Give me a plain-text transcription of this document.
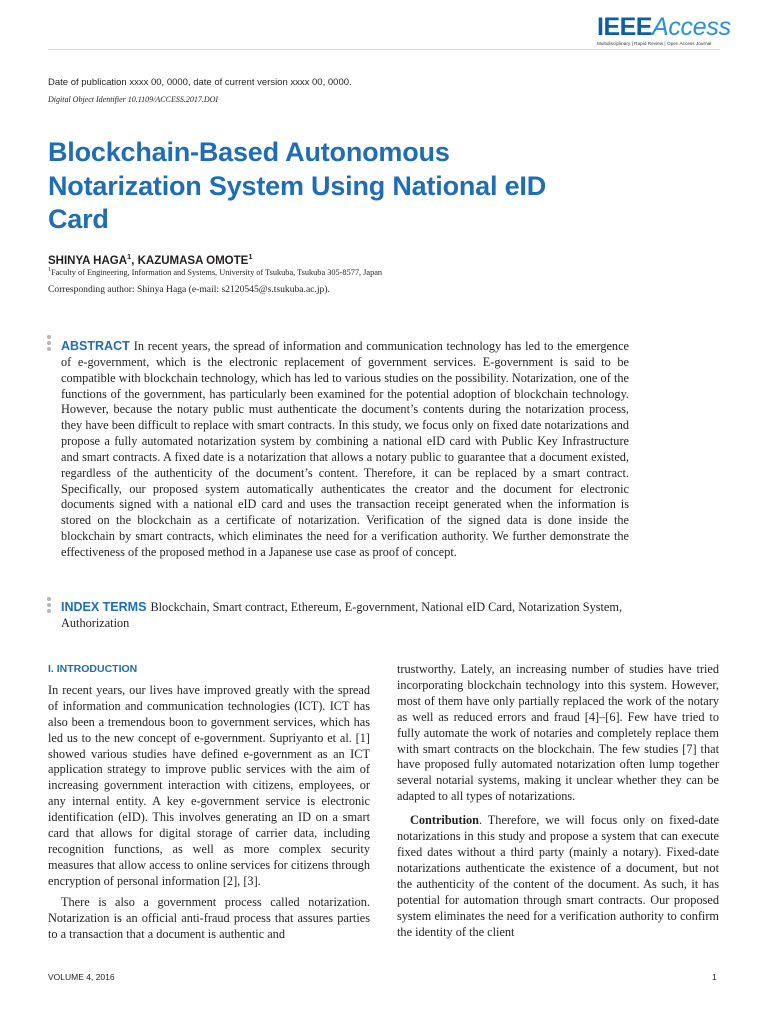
IEEEAccess
Multidisciplinary | Rapid Review | Open Access Journal
Date of publication xxxx 00, 0000, date of current version xxxx 00, 0000.
Digital Object Identifier 10.1109/ACCESS.2017.DOI
Blockchain-Based Autonomous Notarization System Using National eID Card
SHINYA HAGA$^1$, KAZUMASA OMOTE$^1$
$^1$Faculty of Engineering, Information and Systems, University of Tsukuba, Tsukuba 305-8577, Japan
Corresponding author: Shinya Haga (e-mail: s2120545@s.tsukuba.ac.jp).

ABSTRACT In recent years, the spread of information and communication technology has led to the emergence of e-government, which is the electronic replacement of government services. E-government is said to be compatible with blockchain technology, which has led to various studies on the possibility. Notarization, one of the functions of the government, has particularly been examined for the potential adoption of blockchain technology. However, because the notary public must authenticate the document’s contents during the notarization process, they have been difficult to replace with smart contracts. In this study, we focus only on fixed date notarizations and propose a fully automated notarization system by combining a national eID card with Public Key Infrastructure and smart contracts. A fixed date is a notarization that allows a notary public to guarantee that a document existed, regardless of the authenticity of the document’s content. Therefore, it can be replaced by a smart contract. Specifically, our proposed system automatically authenticates the creator and the document for electronic documents signed with a national eID card and uses the transaction receipt generated when the information is stored on the blockchain as a certificate of notarization. Verification of the signed data is done inside the blockchain by smart contracts, which eliminates the need for a verification authority. We further demonstrate the effectiveness of the proposed method in a Japanese use case as proof of concept.

INDEX TERMS Blockchain, Smart contract, Ethereum, E-government, National eID Card, Notarization System, Authorization

I. INTRODUCTION

In recent years, our lives have improved greatly with the spread of information and communication technologies (ICT). ICT has also been a tremendous boon to government services, which has led us to the new concept of e-government. Supriyanto et al. [1] showed various studies have defined e-government as an ICT application strategy to improve public services with the aim of increasing government interaction with citizens, employees, or any internal entity. A key e-government service is electronic identification (eID). This involves generating an ID on a smart card that allows for digital storage of carrier data, including recognition functions, as well as more complex security measures that allow access to online services for citizens through encryption of personal information [2], [3].

There is also a government process called notarization. Notarization is an official anti-fraud process that assures parties to a transaction that a document is authentic and

trustworthy. Lately, an increasing number of studies have tried incorporating blockchain technology into this system. However, most of them have only partially replaced the work of the notary as well as reduced errors and fraud [4]–[6]. Few have tried to fully automate the work of notaries and completely replace them with smart contracts on the blockchain. The few studies [7] that have proposed fully automated notarization often lump together several notarial systems, making it unclear whether they can be adapted to all types of notarizations.

Contribution. Therefore, we will focus only on fixed-date notarizations in this study and propose a system that can execute fixed dates without a third party (mainly a notary). Fixed-date notarizations authenticate the existence of a document, but not the authenticity of the content of the document. As such, it has potential for automation through smart contracts. Our proposed system eliminates the need for a verification authority to confirm the identity of the client

VOLUME 4, 2016	1
